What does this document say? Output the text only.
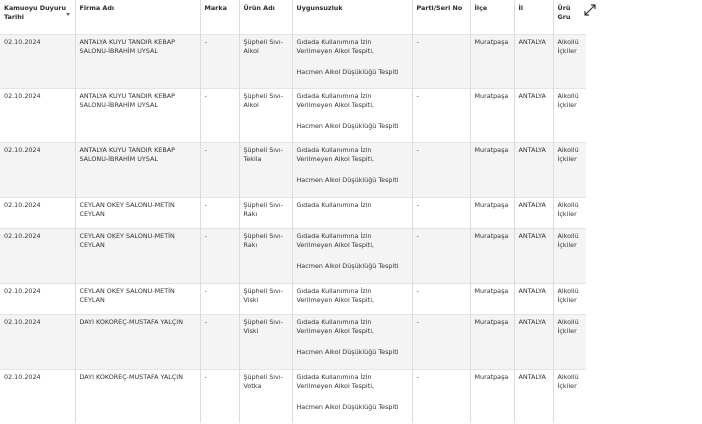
Kamuoyu Duyuru Tarihi	Firma Adı	Marka	Ürün Adı	Uygunsuzluk	Parti/Seri No	İlçe	İl	Ürü Gru
02.10.2024	ANTALYA KUYU TANDIR KEBAP SALONU-İBRAHİM UYSAL	-	Şüpheli Sıvı-Alkol	Gıdada Kullanımına İzin Verilmeyen Alkol Tespiti,
Hacmen Alkol Düşüklüğü Tespiti	-	Muratpaşa	ANTALYA	Alkollü İçkiler
02.10.2024	ANTALYA KUYU TANDIR KEBAP SALONU-İBRAHİM UYSAL	-	Şüpheli Sıvı-Alkol	Gıdada Kullanımına İzin Verilmeyen Alkol Tespiti,
Hacmen Alkol Düşüklüğü Tespiti	-	Muratpaşa	ANTALYA	Alkollü İçkiler
02.10.2024	ANTALYA KUYU TANDIR KEBAP SALONU-İBRAHİM UYSAL	-	Şüpheli Sıvı-Tekila	Gıdada Kullanımına İzin Verilmeyen Alkol Tespiti,
Hacmen Alkol Düşüklüğü Tespiti	-	Muratpaşa	ANTALYA	Alkollü İçkiler
02.10.2024	CEYLAN OKEY SALONU-METİN CEYLAN	-	Şüpheli Sıvı-Rakı	Gıdada Kullanımına İzin	-	Muratpaşa	ANTALYA	Alkollü İçkiler
02.10.2024	CEYLAN OKEY SALONU-METİN CEYLAN	-	Şüpheli Sıvı-Rakı	Gıdada Kullanımına İzin Verilmeyen Alkol Tespiti,
Hacmen Alkol Düşüklüğü Tespiti	-	Muratpaşa	ANTALYA	Alkollü İçkiler
02.10.2024	CEYLAN OKEY SALONU-METİN CEYLAN	-	Şüpheli Sıvı-Viski	Gıdada Kullanımına İzin Verilmeyen Alkol Tespiti,	-	Muratpaşa	ANTALYA	Alkollü İçkiler
02.10.2024	DAYI KOKOREÇ-MUSTAFA YALÇIN	-	Şüpheli Sıvı-Viski	Gıdada Kullanımına İzin Verilmeyen Alkol Tespiti,
Hacmen Alkol Düşüklüğü Tespiti	-	Muratpaşa	ANTALYA	Alkollü İçkiler
02.10.2024	DAYI KOKOREÇ-MUSTAFA YALÇIN	-	Şüpheli Sıvı-Votka	Gıdada Kullanımına İzin Verilmeyen Alkol Tespiti,
Hacmen Alkol Düşüklüğü Tespiti	-	Muratpaşa	ANTALYA	Alkollü İçkiler
